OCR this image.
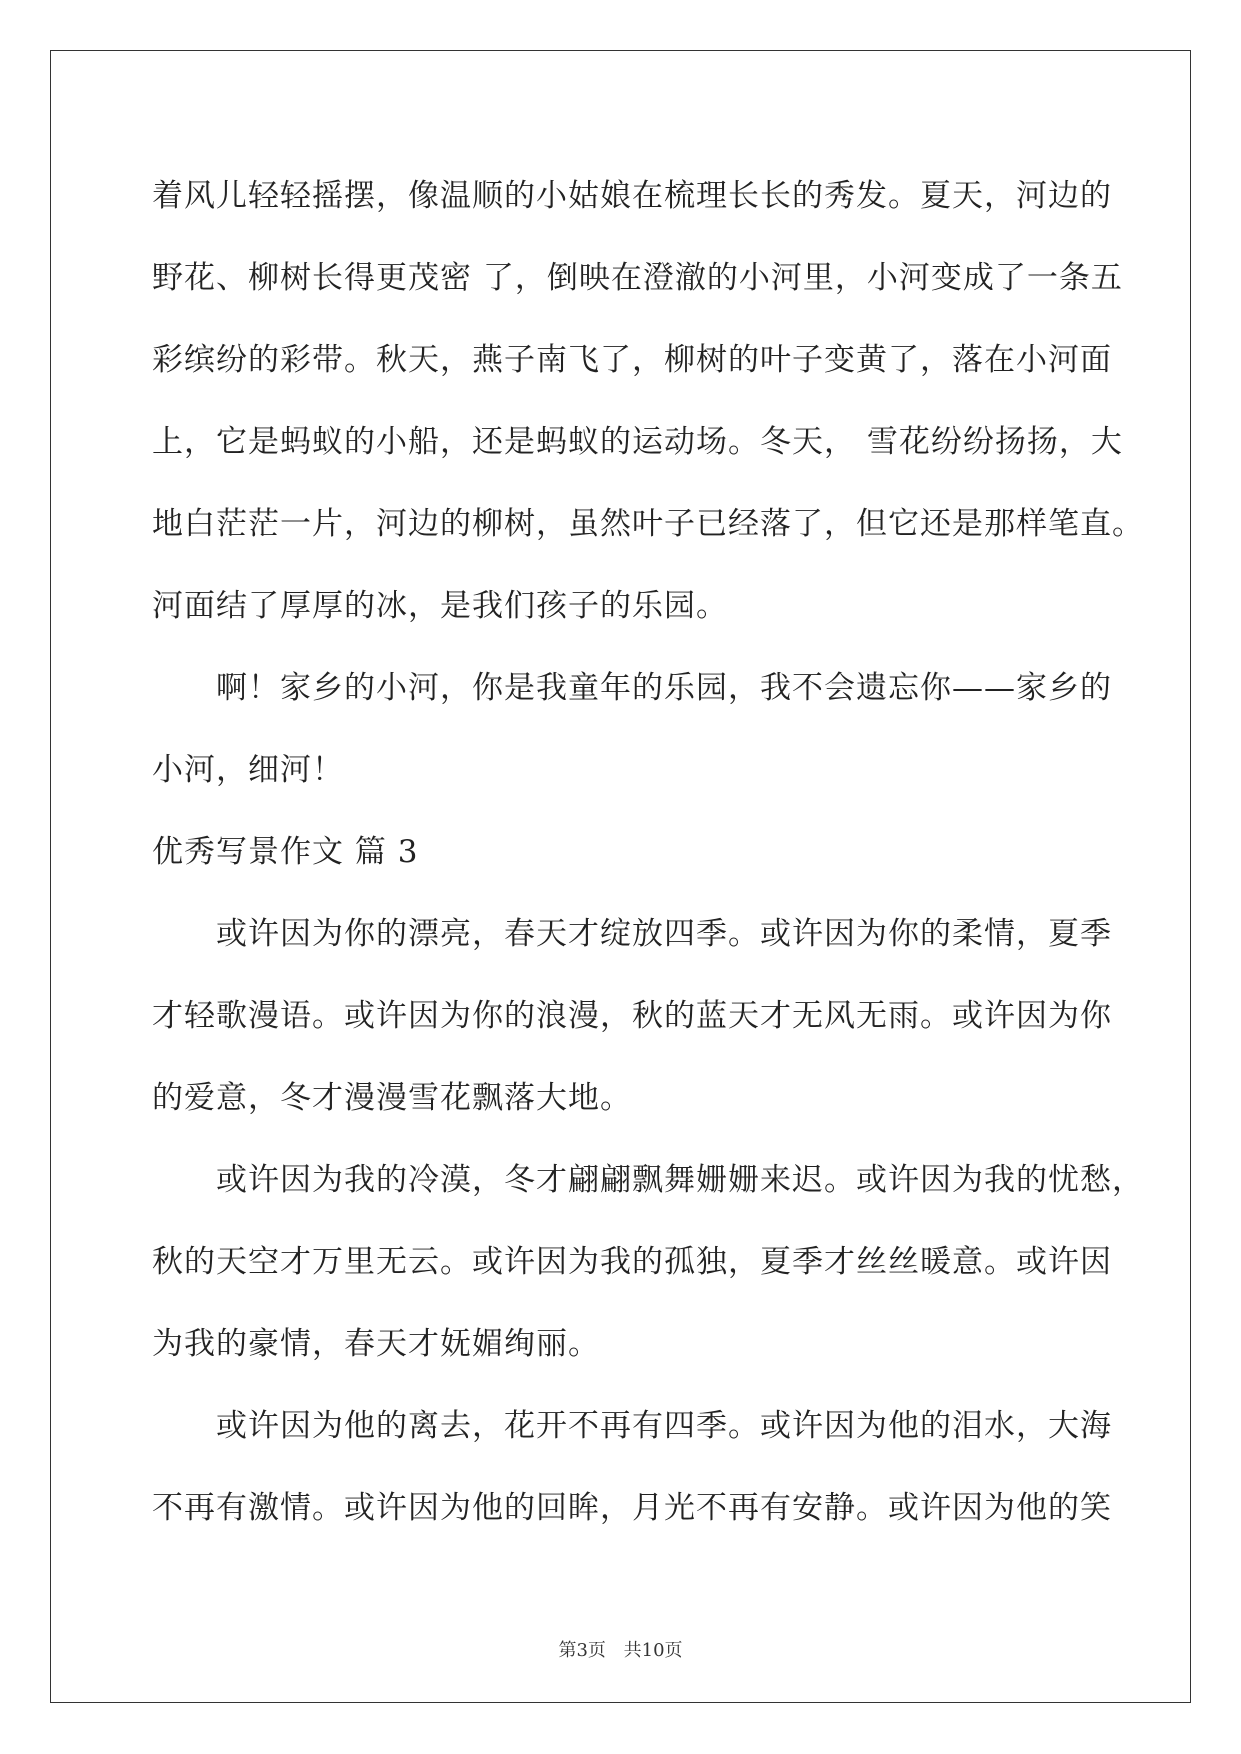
着风儿轻轻摇摆，像温顺的小姑娘在梳理长长的秀发。夏天，河边的
野花、柳树长得更茂密 了，倒映在澄澈的小河里，小河变成了一条五
彩缤纷的彩带。秋天，燕子南飞了，柳树的叶子变黄了，落在小河面
上，它是蚂蚁的小船，还是蚂蚁的运动场。冬天， 雪花纷纷扬扬，大
地白茫茫一片，河边的柳树，虽然叶子已经落了，但它还是那样笔直。
河面结了厚厚的冰，是我们孩子的乐园。
啊！家乡的小河，你是我童年的乐园，我不会遗忘你——家乡的
小河，细河！
优秀写景作文 篇 3
或许因为你的漂亮，春天才绽放四季。或许因为你的柔情，夏季
才轻歌漫语。或许因为你的浪漫，秋的蓝天才无风无雨。或许因为你
的爱意，冬才漫漫雪花飘落大地。
或许因为我的冷漠，冬才翩翩飘舞姗姗来迟。或许因为我的忧愁，
秋的天空才万里无云。或许因为我的孤独，夏季才丝丝暖意。或许因
为我的豪情，春天才妩媚绚丽。
或许因为他的离去，花开不再有四季。或许因为他的泪水，大海
不再有激情。或许因为他的回眸，月光不再有安静。或许因为他的笑
第3页 共10页
